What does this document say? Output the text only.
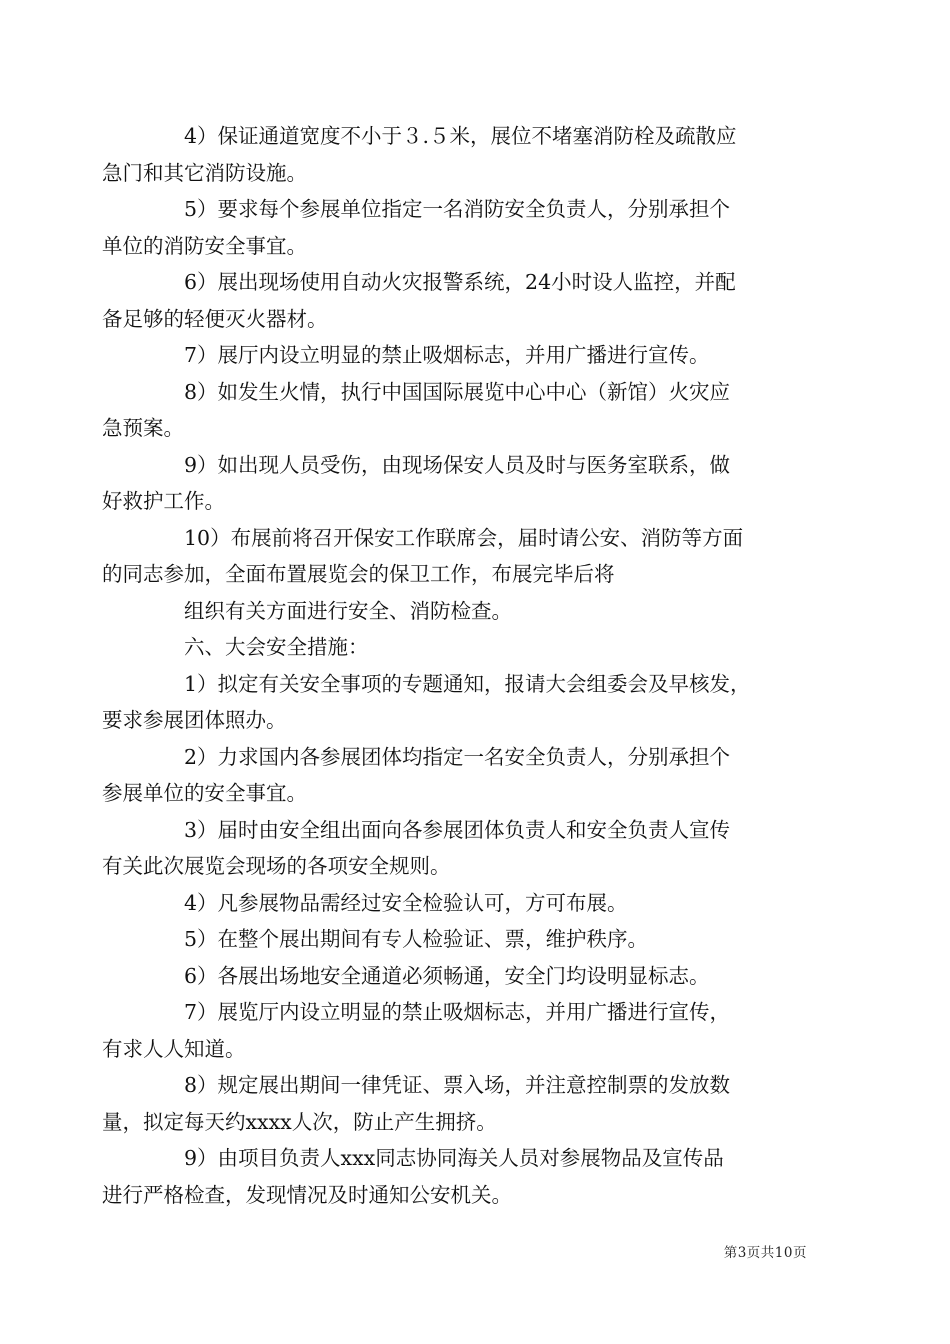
4）保证通道宽度不小于３.５米，展位不堵塞消防栓及疏散应
急门和其它消防设施。

5）要求每个参展单位指定一名消防安全负责人，分别承担个
单位的消防安全事宜。

6）展出现场使用自动火灾报警系统，24小时设人监控，并配
备足够的轻便灭火器材。

7）展厅内设立明显的禁止吸烟标志，并用广播进行宣传。

8）如发生火情，执行中国国际展览中心中心（新馆）火灾应
急预案。

9）如出现人员受伤，由现场保安人员及时与医务室联系，做
好救护工作。

10）布展前将召开保安工作联席会，届时请公安、消防等方面
的同志参加，全面布置展览会的保卫工作，布展完毕后将

组织有关方面进行安全、消防检查。

六、大会安全措施：

1）拟定有关安全事项的专题通知，报请大会组委会及早核发，
要求参展团体照办。

2）力求国内各参展团体均指定一名安全负责人，分别承担个
参展单位的安全事宜。

3）届时由安全组出面向各参展团体负责人和安全负责人宣传
有关此次展览会现场的各项安全规则。

4）凡参展物品需经过安全检验认可，方可布展。

5）在整个展出期间有专人检验证、票，维护秩序。

6）各展出场地安全通道必须畅通，安全门均设明显标志。

7）展览厅内设立明显的禁止吸烟标志，并用广播进行宣传，
有求人人知道。

8）规定展出期间一律凭证、票入场，并注意控制票的发放数
量，拟定每天约xxxx人次，防止产生拥挤。

9）由项目负责人xxx同志协同海关人员对参展物品及宣传品
进行严格检查，发现情况及时通知公安机关。

第3页共10页
